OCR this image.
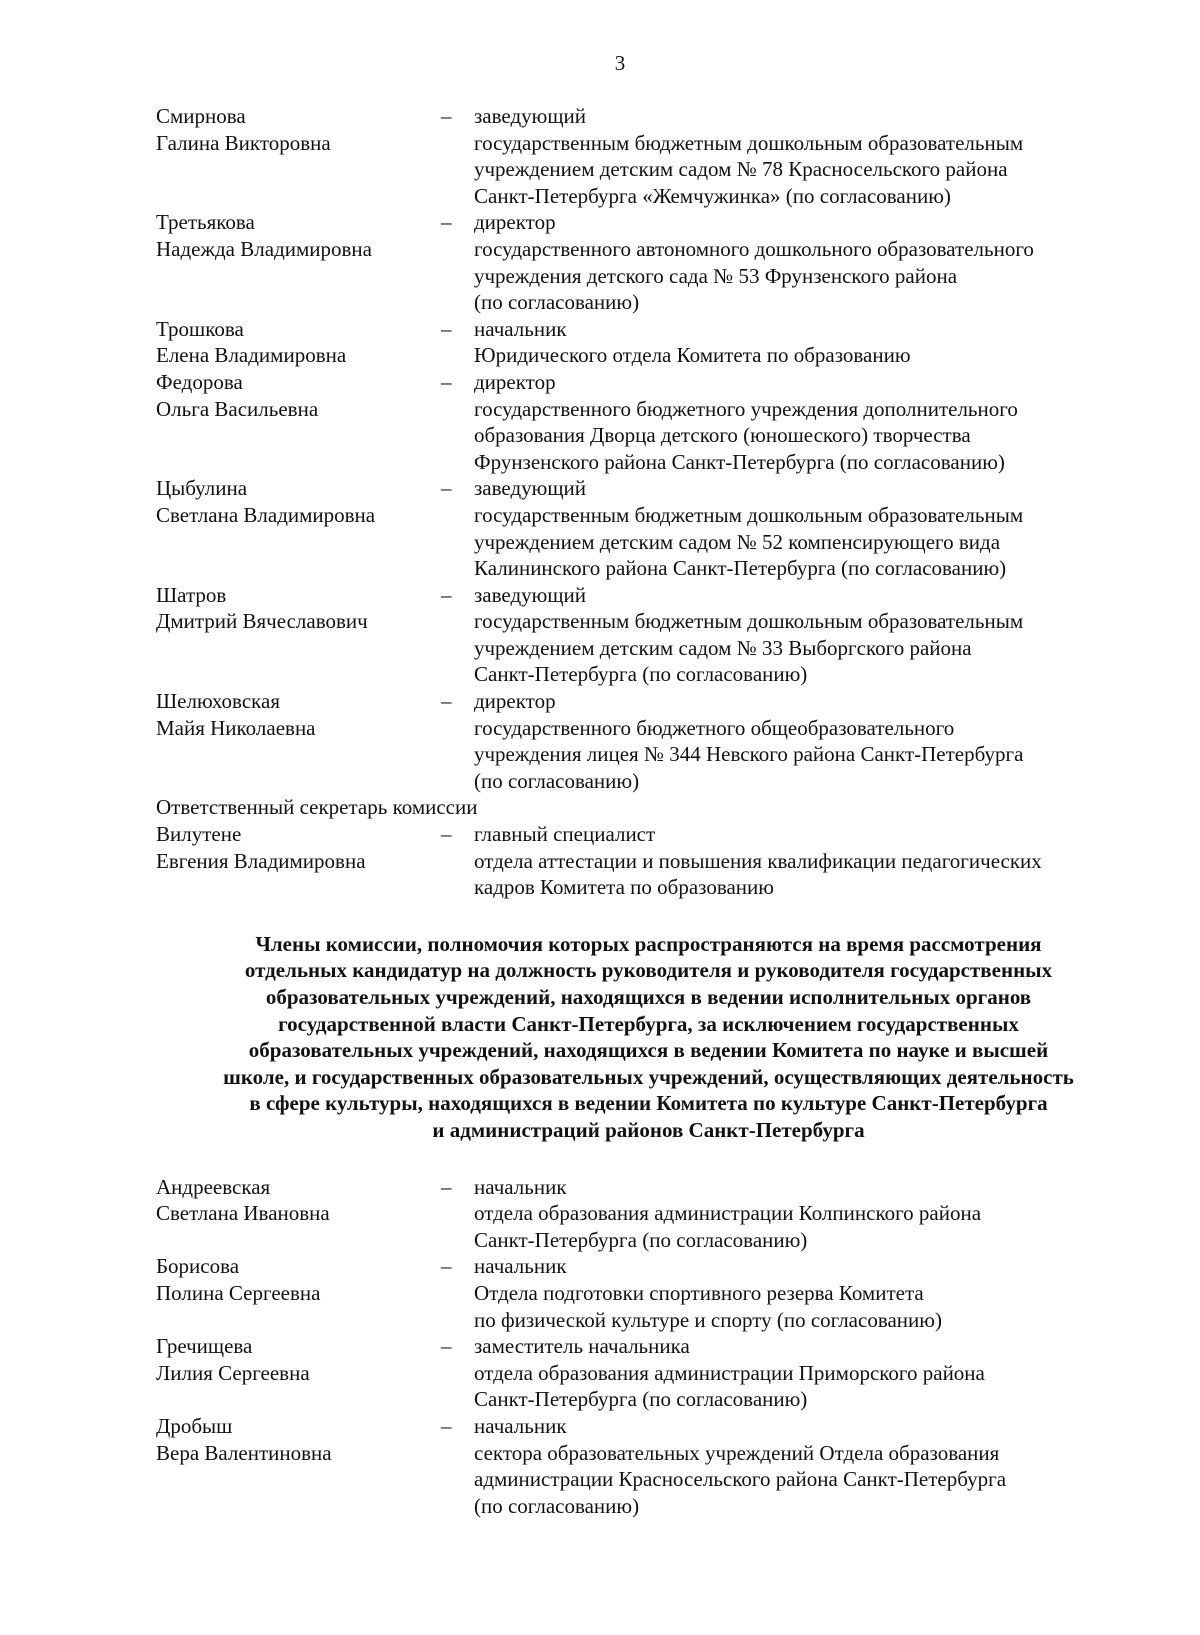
3
Смирнова
Галина Викторовна
– заведующий
государственным бюджетным дошкольным образовательным
учреждением детским садом № 78 Красносельского района
Санкт-Петербурга «Жемчужинка» (по согласованию)
Третьякова
Надежда Владимировна
– директор
государственного автономного дошкольного образовательного
учреждения детского сада № 53 Фрунзенского района
(по согласованию)
Трошкова
Елена Владимировна
– начальник
Юридического отдела Комитета по образованию
Федорова
Ольга Васильевна
– директор
государственного бюджетного учреждения дополнительного
образования Дворца детского (юношеского) творчества
Фрунзенского района Санкт-Петербурга (по согласованию)
Цыбулина
Светлана Владимировна
– заведующий
государственным бюджетным дошкольным образовательным
учреждением детским садом № 52 компенсирующего вида
Калининского района Санкт-Петербурга (по согласованию)
Шатров
Дмитрий Вячеславович
– заведующий
государственным бюджетным дошкольным образовательным
учреждением детским садом № 33 Выборгского района
Санкт-Петербурга (по согласованию)
Шелюховская
Майя Николаевна
– директор
государственного бюджетного общеобразовательного
учреждения лицея № 344 Невского района Санкт-Петербурга
(по согласованию)
Ответственный секретарь комиссии
Вилутене
Евгения Владимировна
– главный специалист
отдела аттестации и повышения квалификации педагогических
кадров Комитета по образованию
Члены комиссии, полномочия которых распространяются на время рассмотрения
отдельных кандидатур на должность руководителя и руководителя государственных
образовательных учреждений, находящихся в ведении исполнительных органов
государственной власти Санкт-Петербурга, за исключением государственных
образовательных учреждений, находящихся в ведении Комитета по науке и высшей
школе, и государственных образовательных учреждений, осуществляющих деятельность
в сфере культуры, находящихся в ведении Комитета по культуре Санкт-Петербурга
и администраций районов Санкт-Петербурга
Андреевская
Светлана Ивановна
– начальник
отдела образования администрации Колпинского района
Санкт-Петербурга (по согласованию)
Борисова
Полина Сергеевна
– начальник
Отдела подготовки спортивного резерва Комитета
по физической культуре и спорту (по согласованию)
Гречищева
Лилия Сергеевна
– заместитель начальника
отдела образования администрации Приморского района
Санкт-Петербурга (по согласованию)
Дробыш
Вера Валентиновна
– начальник
сектора образовательных учреждений Отдела образования
администрации Красносельского района Санкт-Петербурга
(по согласованию)
